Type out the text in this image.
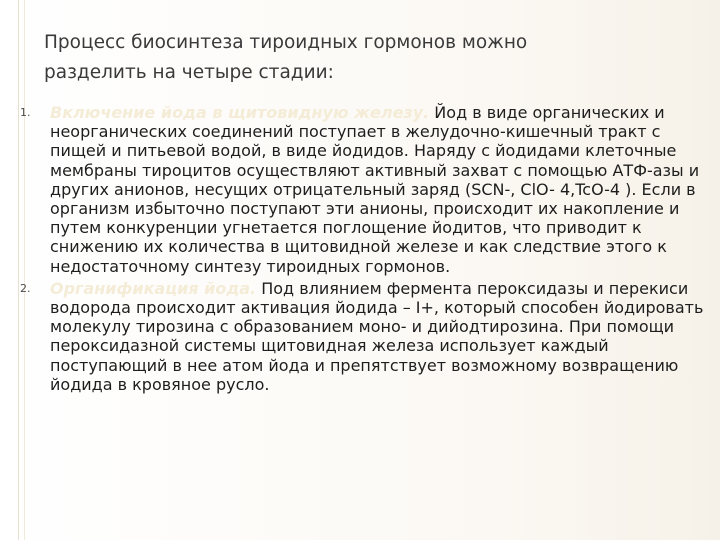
Процесс биосинтеза тироидных гормонов можно
разделить на четыре стадии:
1. Включение йода в щитовидную железу. Йод в виде органических и неорганических соединений поступает в желудочно-кишечный тракт с пищей и питьевой водой, в виде йодидов. Наряду с йодидами клеточные мембраны тироцитов осуществляют активный захват с помощью АТФ-азы и других анионов, несущих отрицательный заряд (SCN-, ClO- 4,TcO-4 ). Если в организм избыточно поступают эти анионы, происходит их накопление и путем конкуренции угнетается поглощение йодитов, что приводит к снижению их количества в щитовидной железе и как следствие этого к недостаточному синтезу тироидных гормонов.
2. Органификация йода. Под влиянием фермента пероксидазы и перекиси водорода происходит активация йодида – I+, который способен йодировать молекулу тирозина с образованием моно- и дийодтирозина. При помощи пероксидазной системы щитовидная железа использует каждый поступающий в нее атом йода и препятствует возможному возвращению йодида в кровяное русло.
